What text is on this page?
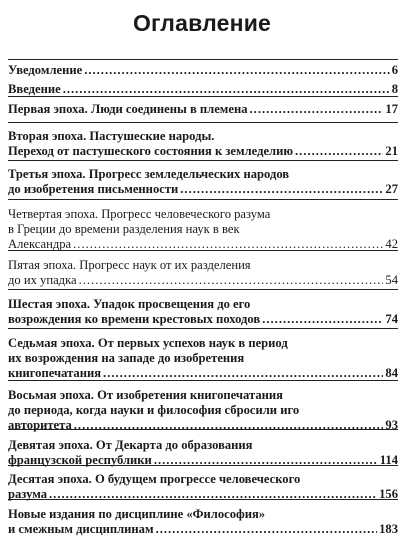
Оглавление
Уведомление .....	6
Введение .....	8
Первая эпоха. Люди соединены в племена .....	17
Вторая эпоха. Пастушеские народы.
Переход от пастушеского состояния к земледелию .....	21
Третья эпоха. Прогресс земледельческих народов
до изобретения письменности .....	27
Четвертая эпоха. Прогресс человеческого разума
в Греции до времени разделения наук в век
Александра .....	42
Пятая эпоха. Прогресс наук от их разделения
до их упадка .....	54
Шестая эпоха. Упадок просвещения до его
возрождения ко времени крестовых походов .....	74
Седьмая эпоха. От первых успехов наук в период
их возрождения на западе до изобретения
книгопечатания .....	84
Восьмая эпоха. От изобретения книгопечатания
до периода, когда науки и философия сбросили иго
авторитета .....	93
Девятая эпоха. От Декарта до образования
французской республики .....	114
Десятая эпоха. О будущем прогрессе человеческого
разума .....	156
Новые издания по дисциплине «Философия»
и смежным дисциплинам .....	183
